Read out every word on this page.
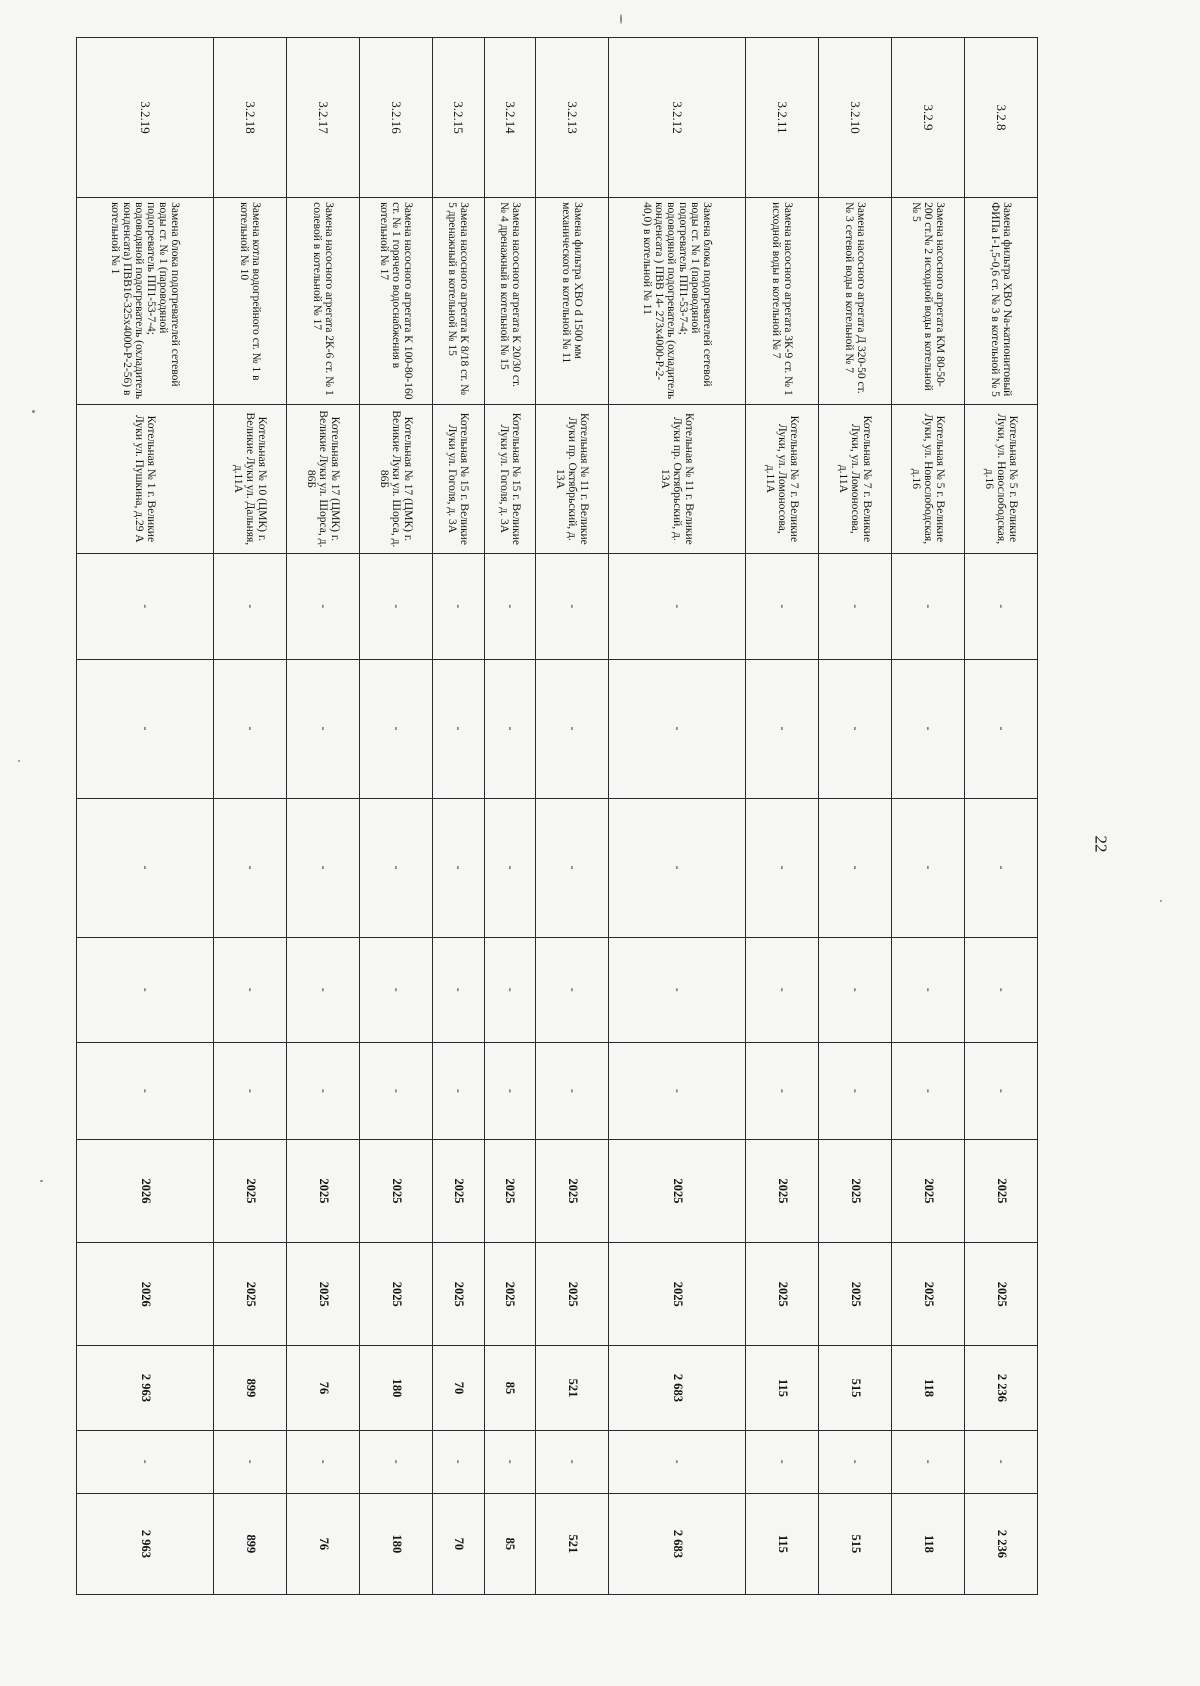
22
3.2.8	Замена фильтра ХВО Na-катионитовый ФИПа I-1,5-0,6 ст. № 3 в котельной № 5	Котельная № 5 г. Великие Луки, ул. Новослободская, д.16	-	-	-	-	-	2025	2025	2 236	-	2 236
3.2.9	Замена насосного агрегата КМ 80-50-200 ст.№ 2 исходной воды в котельной № 5	Котельная № 5 г. Великие Луки, ул. Новослободская, д.16	-	-	-	-	-	2025	2025	118	-	118
3.2.10	Замена насосного агрегата Д 320-50 ст.№ 3 сетевой воды в котельной № 7	Котельная № 7 г. Великие Луки, ул. Ломоносова, д.11А	-	-	-	-	-	2025	2025	515	-	515
3.2.11	Замена насосного агрегата 3К-9 ст. № 1 исходной воды в котельной № 7	Котельная № 7 г. Великие Луки, ул. Ломоносова, д.11А	-	-	-	-	-	2025	2025	115	-	115
3.2.12	Замена блока подогревателей сетевой воды ст. № 1 (пароводяной подогреватель ПП1-53-7-4; водоводяной подогреватель (охладитель конденсата ) ПВВ 14- 273х4000-Р-2-40,0) в котельной № 11	Котельная № 11 г. Великие Луки пр. Октябрьский, д. 13А	-	-	-	-	-	2025	2025	2 683	-	2 683
3.2.13	Замена фильтра ХВО d 1500 мм механического в котельной № 11	Котельная № 11 г. Великие Луки пр. Октябрьский, д. 13А	-	-	-	-	-	2025	2025	521	-	521
3.2.14	Замена насосного агрегата К 20/30 ст. № 4 дренажный в котельной № 15	Котельная № 15 г. Великие Луки ул. Гоголя, д. 3А	-	-	-	-	-	2025	2025	85	-	85
3.2.15	Замена насосного агрегата К 8/18 ст. № 5 дренажный в котельной № 15	Котельная № 15 г. Великие Луки ул. Гоголя, д. 3А	-	-	-	-	-	2025	2025	70	-	70
3.2.16	Замена насосного агрегата К 100-80-160 ст. № 1 горячего водоснабжения в котельной № 17	Котельная № 17 (ЦМК) г. Великие Луки ул. Шорса, д. 86Б	-	-	-	-	-	2025	2025	180	-	180
3.2.17	Замена насосного агрегата 2К-6 ст. № 1 солевой в котельной № 17	Котельная № 17 (ЦМК) г. Великие Луки ул. Шорса, д. 86Б	-	-	-	-	-	2025	2025	76	-	76
3.2.18	Замена котла водогрейного ст. № 1 в котельной № 10	Котельная № 10 (ЦМК) г. Великие Луки ул. Дальняя, д.11А	-	-	-	-	-	2025	2025	899	-	899
3.2.19	Замена блока подогревателей сетевой воды ст. № 1 (пароводяной подогреватель ПП1-53-7-4; водоводяной подогреватель (охладитель конденсата) ПВВ16-325х4000-Р-2-56) в котельной № 1	Котельная № 1 г. Великие Луки ул. Пушкина, д.29 А	-	-	-	-	-	2026	2026	2 963	-	2 963
